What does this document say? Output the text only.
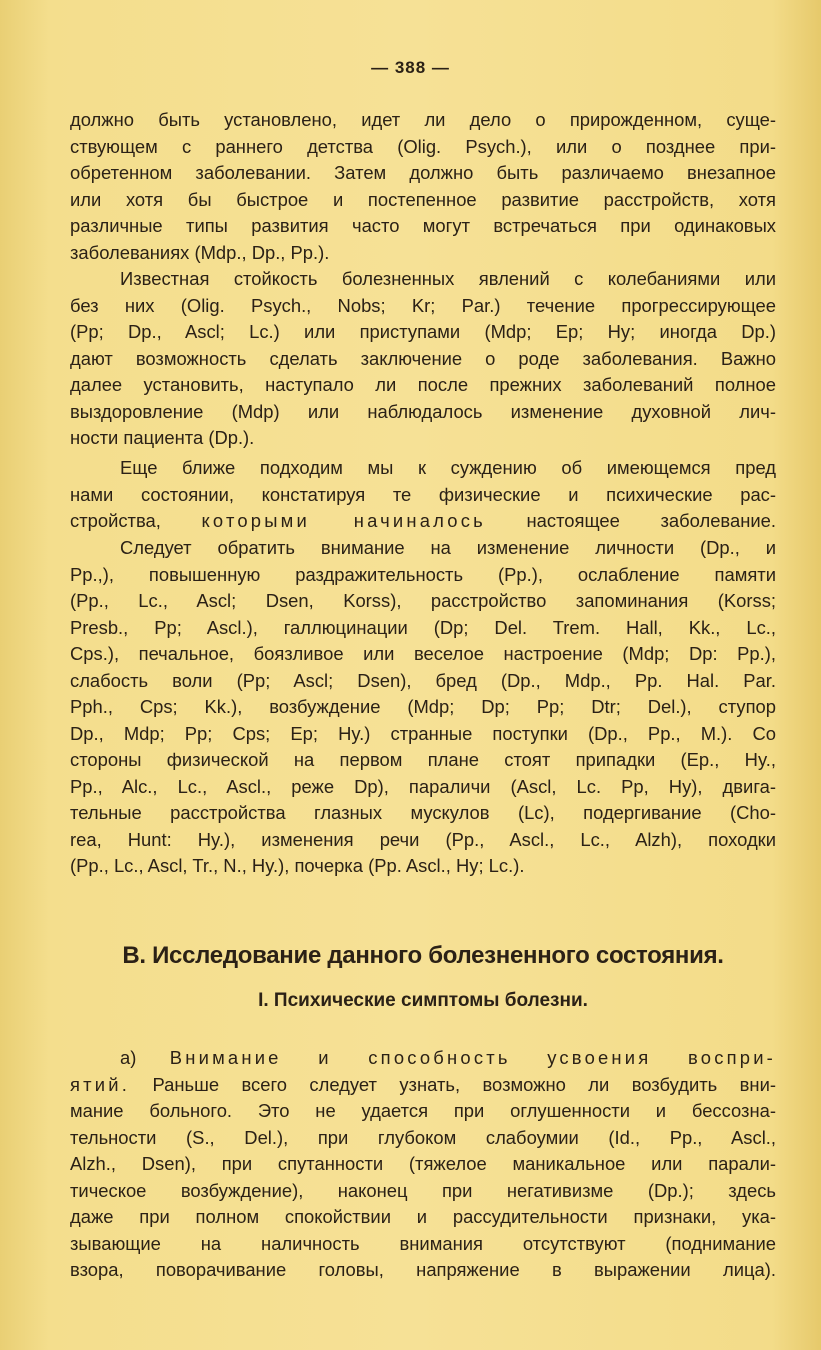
— 388 —
должно быть установлено, идет ли дело о прирожденном, суще-
ствующем с раннего детства (Olig. Psych.), или о позднее при-
обретенном заболевании. Затем должно быть различаемо внезапное
или хотя бы быстрое и постепенное развитие расстройств, хотя
различные типы развития часто могут встречаться при одинаковых
заболеваниях (Mdp., Dp., Pp.).
Известная стойкость болезненных явлений с колебаниями или
без них (Olig. Psych., Nobs; Kr; Par.) течение прогрессирующее
(Pp; Dp., Ascl; Lc.) или приступами (Mdp; Ep; Hy; иногда Dp.)
дают возможность сделать заключение о роде заболевания. Важно
далее установить, наступало ли после прежних заболеваний полное
выздоровление (Mdp) или наблюдалось изменение духовной лич-
ности пациента (Dp.).
Еще ближе подходим мы к суждению об имеющемся пред
нами состоянии, констатируя те физические и психические рас-
стройства, которыми начиналось настоящее заболевание.
Следует обратить внимание на изменение личности (Dp., и
Pp.,), повышенную раздражительность (Pp.), ослабление памяти
(Pp., Lc., Ascl; Dsen, Korss), расстройство запоминания (Korss;
Presb., Pp; Ascl.), галлюцинации (Dp; Del. Trem. Hall, Kk., Lc.,
Cps.), печальное, боязливое или веселое настроение (Mdp; Dp: Pp.),
слабость воли (Pp; Ascl; Dsen), бред (Dp., Mdp., Pp. Hal. Par.
Pph., Cps; Kk.), возбуждение (Mdp; Dp; Pp; Dtr; Del.), ступор
Dp., Mdp; Pp; Cps; Ep; Hy.) странные поступки (Dp., Pp., M.). Со
стороны физической на первом плане стоят припадки (Ep., Hy.,
Pp., Alc., Lc., Ascl., реже Dp), параличи (Ascl, Lc. Pp, Hy), двига-
тельные расстройства глазных мускулов (Lc), подергивание (Cho-
rea, Hunt: Hy.), изменения речи (Pp., Ascl., Lc., Alzh), походки
(Pp., Lc., Ascl, Tr., N., Hy.), почерка (Pp. Ascl., Hy; Lc.).
В. Исследование данного болезненного состояния.
I. Психические симптомы болезни.
а) Внимание и способность усвоения воспри-
ятий. Раньше всего следует узнать, возможно ли возбудить вни-
мание больного. Это не удается при оглушенности и бессозна-
тельности (S., Del.), при глубоком слабоумии (Id., Pp., Ascl.,
Alzh., Dsen), при спутанности (тяжелое маникальное или парали-
тическое возбуждение), наконец при негативизме (Dp.); здесь
даже при полном спокойствии и рассудительности признаки, ука-
зывающие на наличность внимания отсутствуют (поднимание
взора, поворачивание головы, напряжение в выражении лица).
